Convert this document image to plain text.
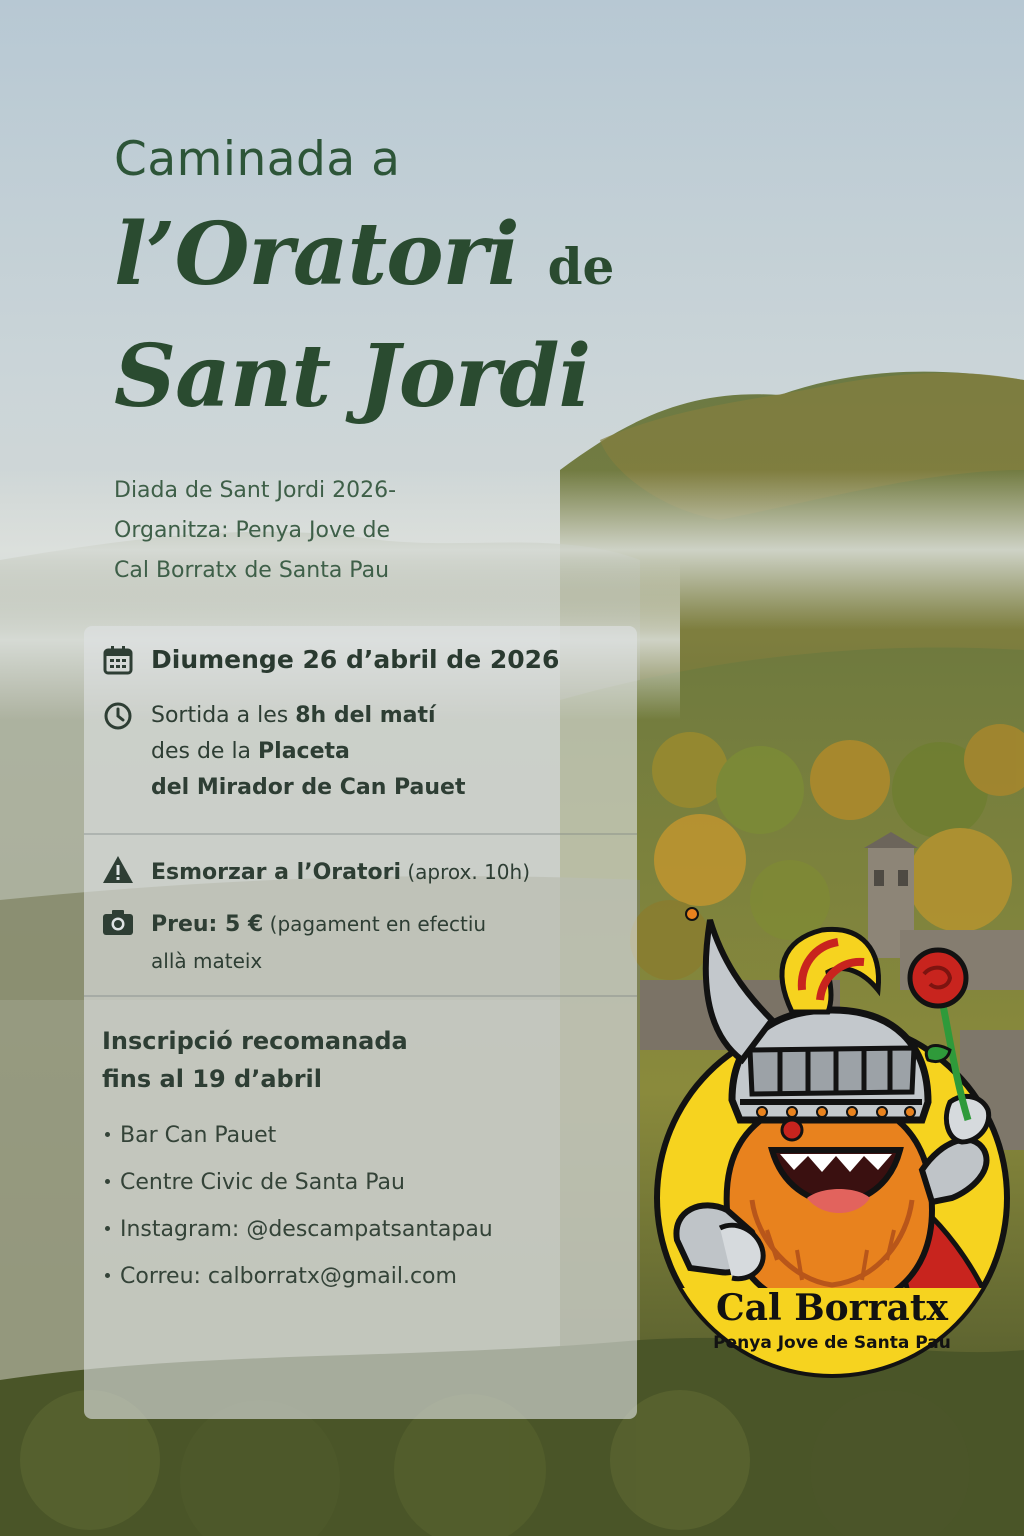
Caminada a
l’Oratori de
Sant Jordi
Diada de Sant Jordi 2026-
Organitza: Penya Jove de
Cal Borratx de Santa Pau
Diumenge 26 d’abril de 2026
Sortida a les 8h del matí
des de la Placeta
del Mirador de Can Pauet
Esmorzar a l’Oratori (aprox. 10h)
Preu: 5 € (pagament en efectiu
allà mateix
Inscripció recomanada
fins al 19 d’abril
Bar Can Pauet
Centre Civic de Santa Pau
Instagram: @descampatsantapau
Correu: calborratx@gmail.com
Cal Borratx
Penya Jove de Santa Pau
